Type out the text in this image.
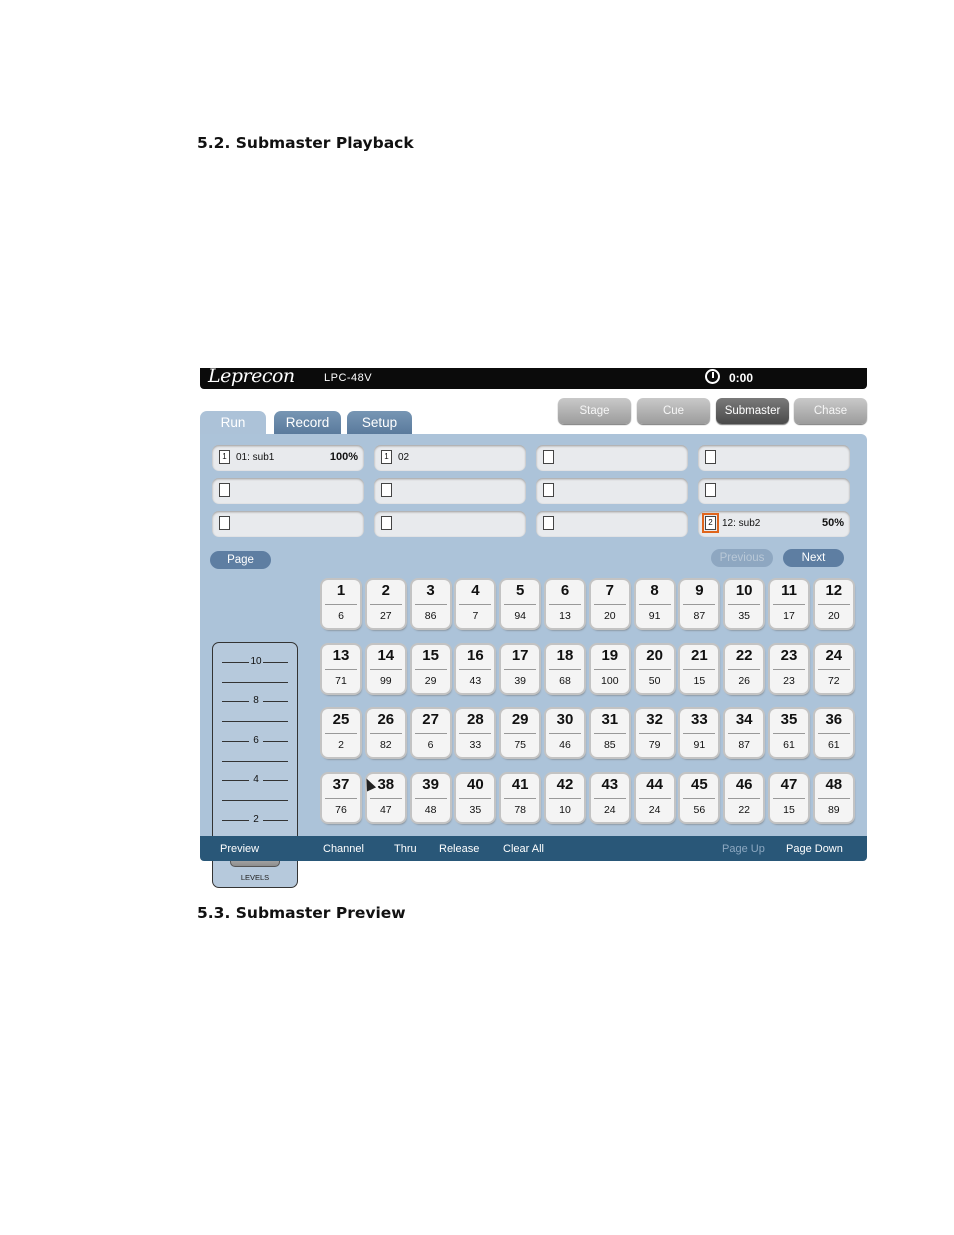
5.2. Submaster Playback
Leprecon	LPC-48V	0:00
Stage	Cue	Submaster	Chase
1 01: sub1	100%	1 02
2 12: sub2	50%
Page	Previous	Next
10
8
6
4
2
LEVELS
1
6
2
27
3
86
4
7
5
94
6
13
7
20
8
91
9
87
10
35
11
17
12
20
13
71
14
99
15
29
16
43
17
39
18
68
19
100
20
50
21
15
22
26
23
23
24
72
25
2
26
82
27
6
28
33
29
75
30
46
31
85
32
79
33
91
34
87
35
61
36
61
37
76
38
47
39
48
40
35
41
78
42
10
43
24
44
24
45
56
46
22
47
15
48
89
Preview	Channel	Thru Release Clear All	Page Up Page Down
Run	Record	Setup
5.3. Submaster Preview
